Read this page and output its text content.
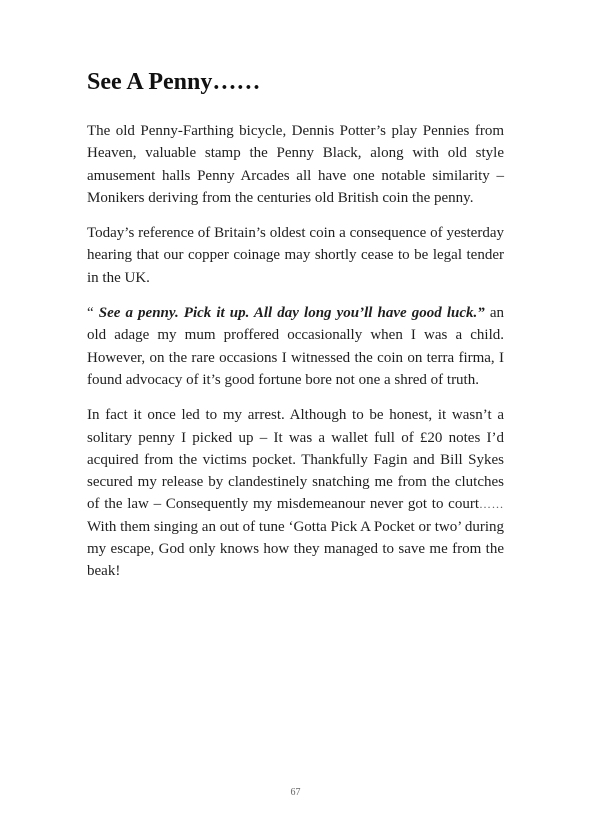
See A Penny……

The old Penny-Farthing bicycle, Dennis Potter’s play Pennies from Heaven, valuable stamp the Penny Black, along with old style amusement halls Penny Arcades all have one notable similarity – Monikers deriving from the centuries old British coin the penny.

Today’s reference of Britain’s oldest coin a consequence of yesterday hearing that our copper coinage may shortly cease to be legal tender in the UK.

“ See a penny. Pick it up. All day long you’ll have good luck.” an old adage my mum proffered occasionally when I was a child. However, on the rare occasions I witnessed the coin on terra firma, I found advocacy of it’s good fortune bore not one a shred of truth.

In fact it once led to my arrest. Although to be honest, it wasn’t a solitary penny I picked up – It was a wallet full of £20 notes I’d acquired from the victims pocket. Thankfully Fagin and Bill Sykes secured my release by clandestinely snatching me from the clutches of the law – Consequently my misdemeanour never got to court…… With them singing an out of tune ‘Gotta Pick A Pocket or two’ during my escape, God only knows how they managed to save me from the beak!

67
